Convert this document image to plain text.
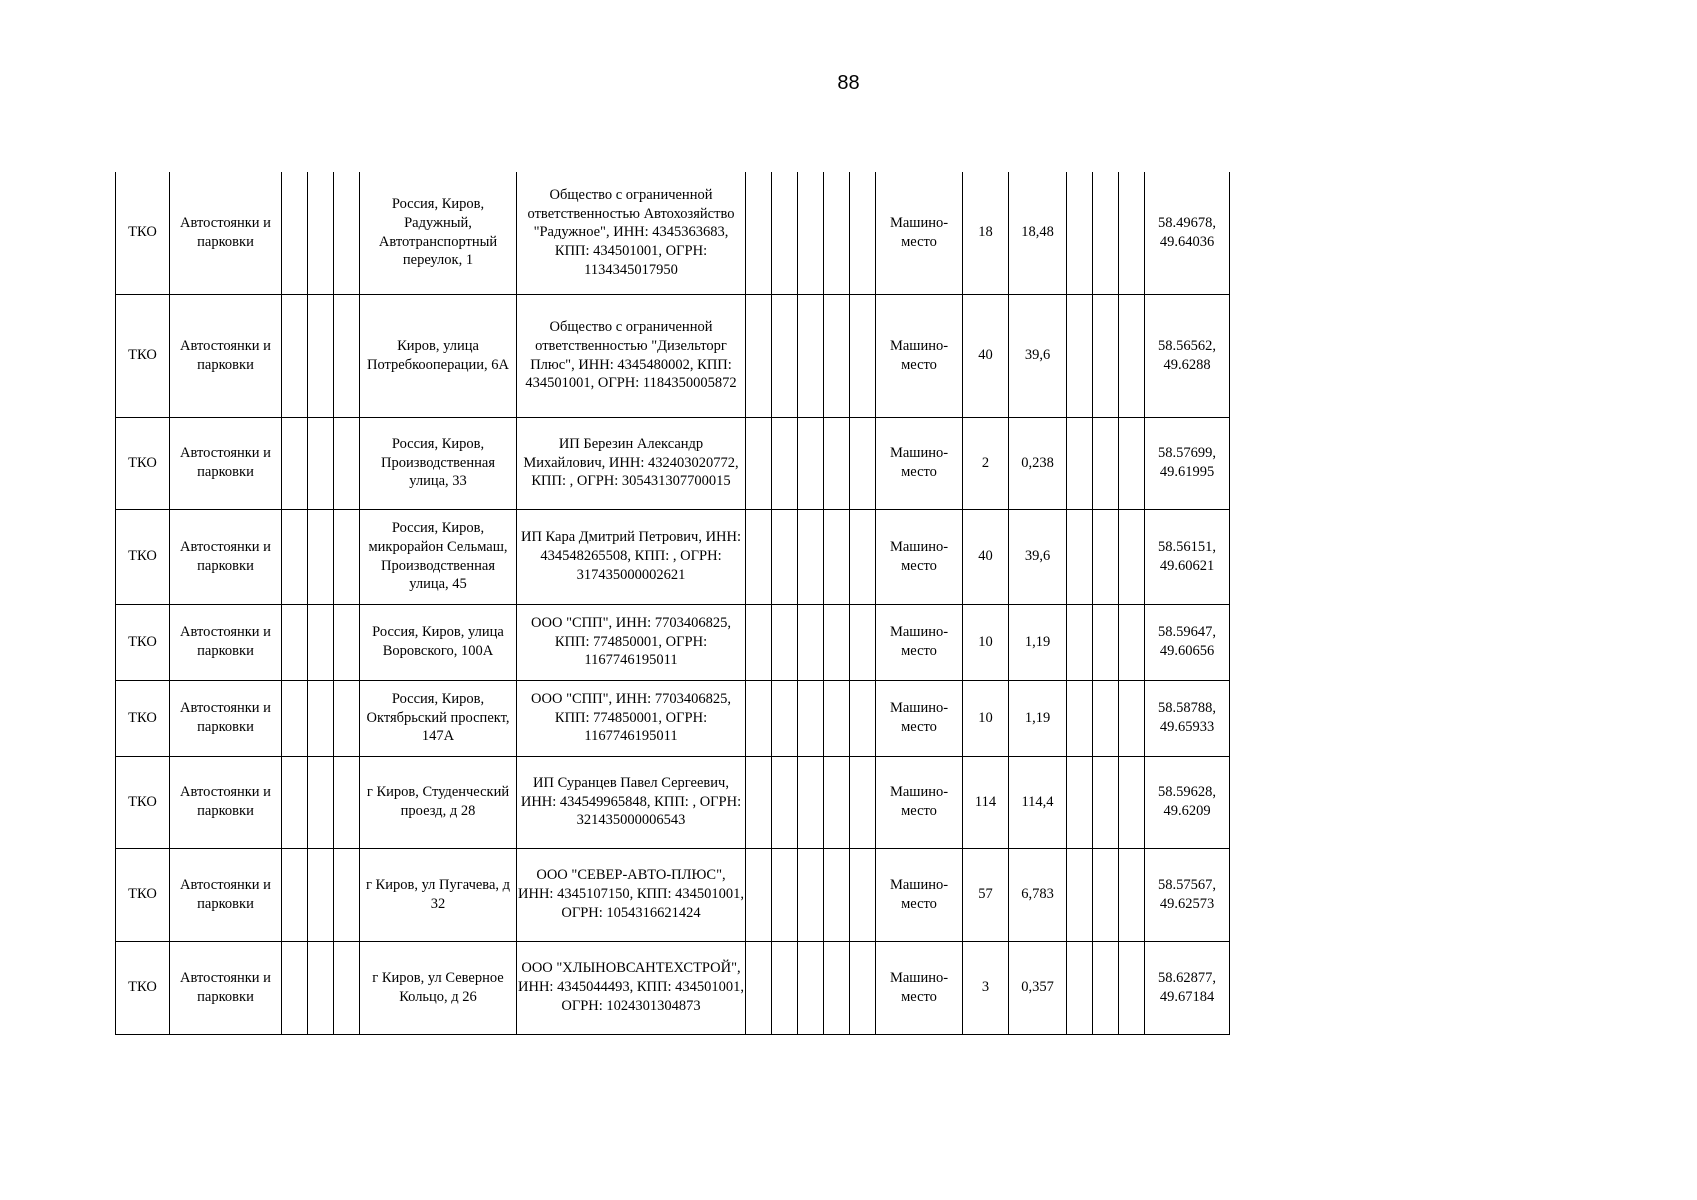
88
ТКО	Автостоянки и парковки				Россия, Киров, Радужный, Автотранспортный переулок, 1	Общество с ограниченной ответственностью Автохозяйство "Радужное", ИНН: 4345363683, КПП: 434501001, ОГРН: 1134345017950						Машино-место	18	18,48				58.49678, 49.64036
ТКО	Автостоянки и парковки				Киров, улица Потребкооперации, 6А	Общество с ограниченной ответственностью "Дизельторг Плюс", ИНН: 4345480002, КПП: 434501001, ОГРН: 1184350005872						Машино-место	40	39,6				58.56562, 49.6288
ТКО	Автостоянки и парковки				Россия, Киров, Производственная улица, 33	ИП Березин Александр Михайлович, ИНН: 432403020772, КПП: , ОГРН: 305431307700015						Машино-место	2	0,238				58.57699, 49.61995
ТКО	Автостоянки и парковки				Россия, Киров, микрорайон Сельмаш, Производственная улица, 45	ИП Кара Дмитрий Петрович, ИНН: 434548265508, КПП: , ОГРН: 317435000002621						Машино-место	40	39,6				58.56151, 49.60621
ТКО	Автостоянки и парковки				Россия, Киров, улица Воровского, 100А	ООО "СПП", ИНН: 7703406825, КПП: 774850001, ОГРН: 1167746195011						Машино-место	10	1,19				58.59647, 49.60656
ТКО	Автостоянки и парковки				Россия, Киров, Октябрьский проспект, 147А	ООО "СПП", ИНН: 7703406825, КПП: 774850001, ОГРН: 1167746195011						Машино-место	10	1,19				58.58788, 49.65933
ТКО	Автостоянки и парковки				г Киров, Студенческий проезд, д 28	ИП Суранцев Павел Сергеевич, ИНН: 434549965848, КПП: , ОГРН: 321435000006543						Машино-место	114	114,4				58.59628, 49.6209
ТКО	Автостоянки и парковки				г Киров, ул Пугачева, д 32	ООО "СЕВЕР-АВТО-ПЛЮС", ИНН: 4345107150, КПП: 434501001, ОГРН: 1054316621424						Машино-место	57	6,783				58.57567, 49.62573
ТКО	Автостоянки и парковки				г Киров, ул Северное Кольцо, д 26	ООО "ХЛЫНОВСАНТЕХСТРОЙ", ИНН: 4345044493, КПП: 434501001, ОГРН: 1024301304873						Машино-место	3	0,357				58.62877, 49.67184
